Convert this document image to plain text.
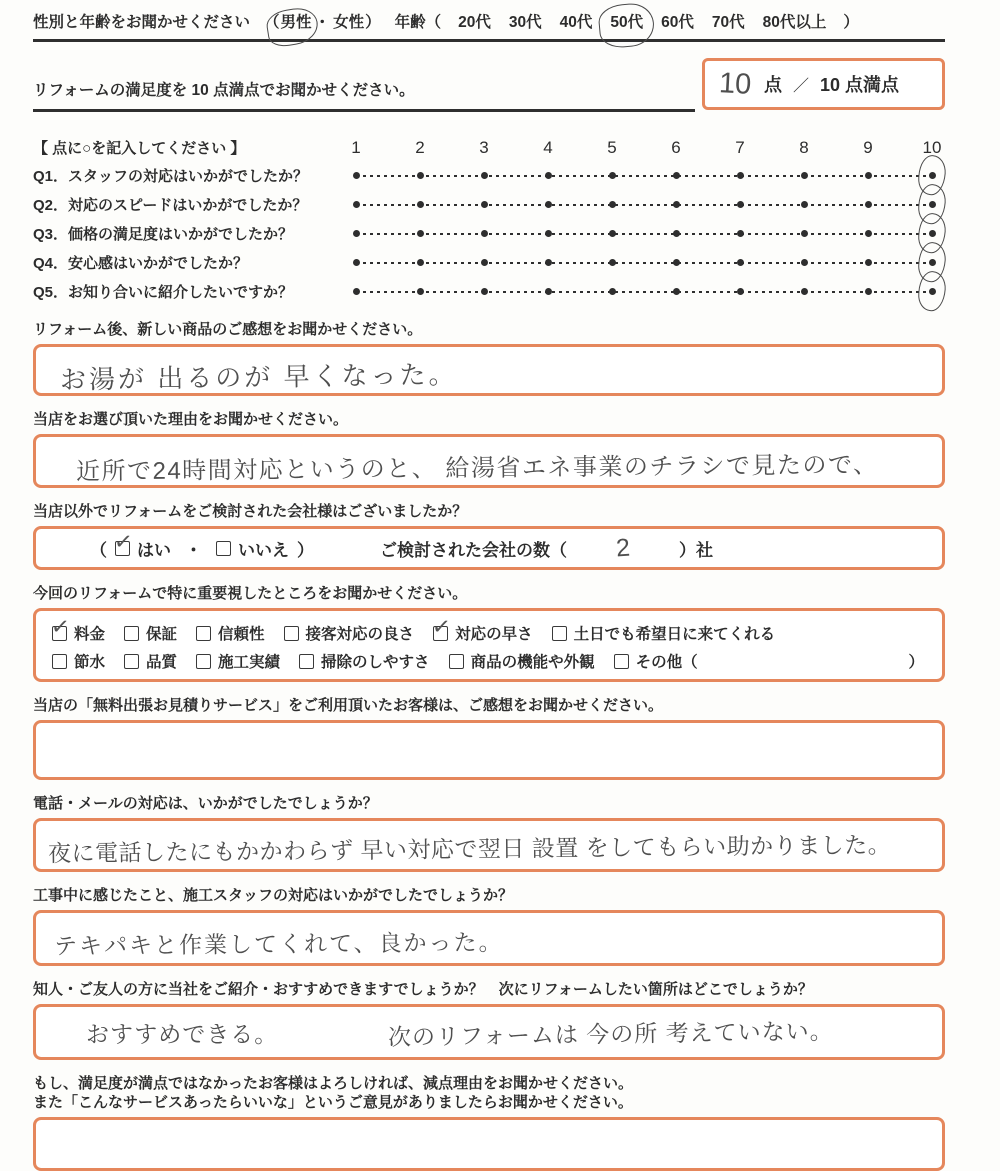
性別と年齢をお聞かせください （ 男性 ・ 女性 ） 年齢（ 20代 30代 40代 50代 60代 70代 80代以上 ）
リフォームの満足度を 10 点満点でお聞かせください。	10 点 ／ 10 点満点
【 点に○を記入してください 】	1	2	3	4	5	6	7	8	9	10
Q1．スタッフの対応はいかがでしたか？
Q2．対応のスピードはいかがでしたか？
Q3．価格の満足度はいかがでしたか？
Q4．安心感はいかがでしたか？
Q5．お知り合いに紹介したいですか？
リフォーム後、新しい商品のご感想をお聞かせください。
お湯が 出るのが 早くなった。
当店をお選び頂いた理由をお聞かせください。
近所で24時間対応というのと、 給湯省エネ事業のチラシで見たので、
当店以外でリフォームをご検討された会社様はございましたか？
（ ✓	はい ・ いいえ ）	ご検討された会社の数（	2	） 社
今回のリフォームで特に重要視したところをお聞かせください。
✓
料金	保証	信頼性	接客対応の良さ ✓	対応の早さ	土日でも希望日に来てくれる
節水	品質	施工実績	掃除のしやすさ	商品の機能や外観	その他（	）
当店の「無料出張お見積りサービス」をご利用頂いたお客様は、ご感想をお聞かせください。
電話・メールの対応は、いかがでしたでしょうか？
夜に電話したにもかかわらず 早い対応で翌日 設置 をしてもらい助かりました。
工事中に感じたこと、施工スタッフの対応はいかがでしたでしょうか？
テキパキと作業してくれて、良かった。
知人・ご友人の方に当社をご紹介・おすすめできますでしょうか？　次にリフォームしたい箇所はどこでしょうか？
おすすめできる。	次のリフォームは 今の所 考えていない。
もし、満足度が満点ではなかったお客様はよろしければ、減点理由をお聞かせください。
また「こんなサービスあったらいいな」というご意見がありましたらお聞かせください。
